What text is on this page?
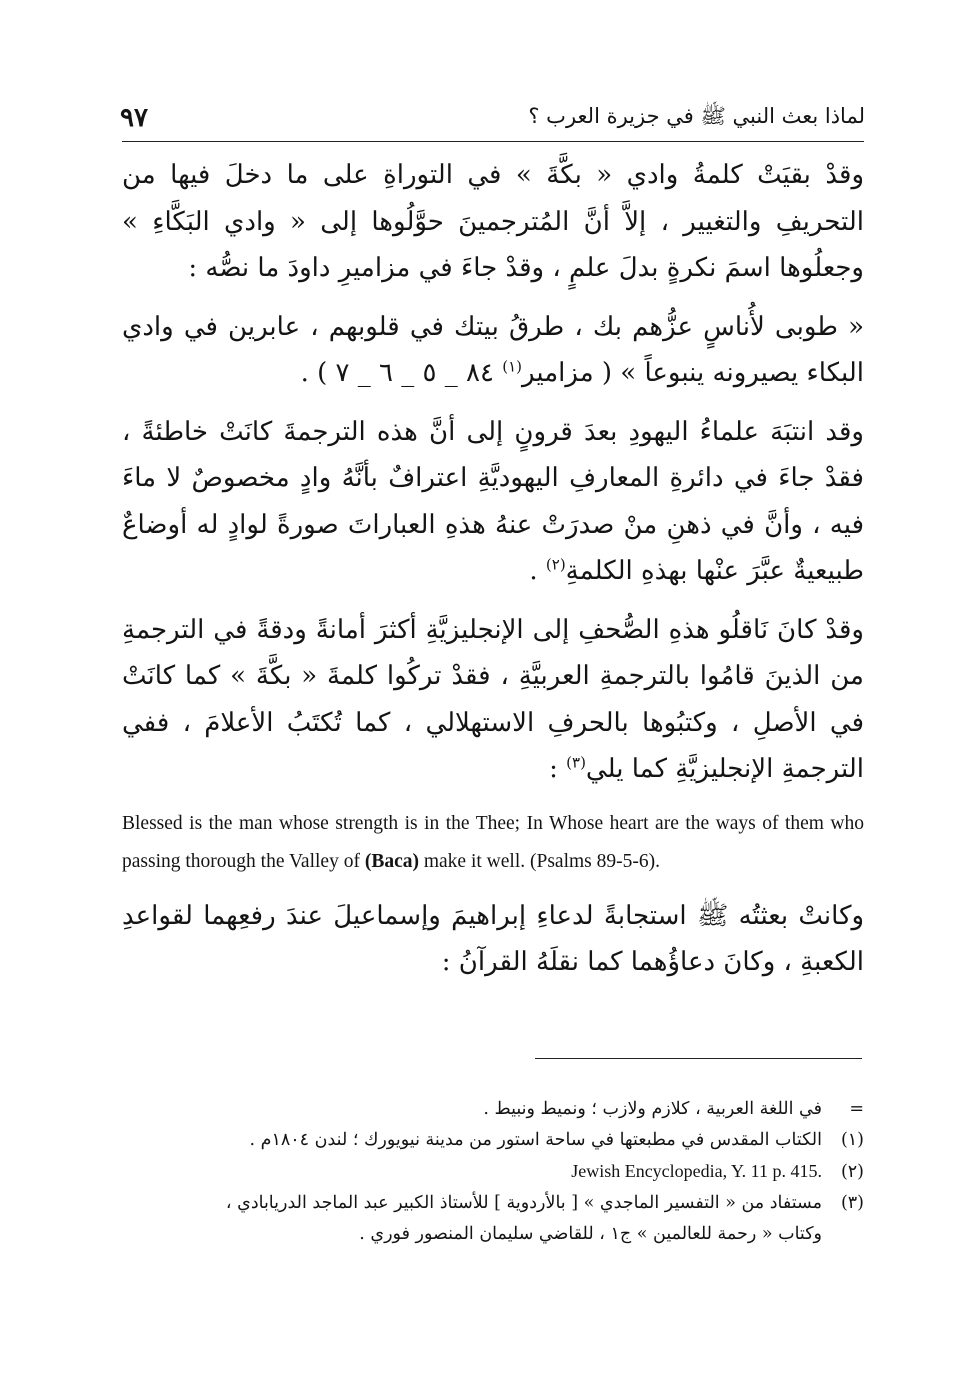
لماذا بعث النبي ﷺ في جزيرة العرب ؟
٩٧

وقدْ بقيَتْ كلمةُ وادي « بكَّةَ » في التوراةِ على ما دخلَ فيها من التحريفِ والتغيير ، إلاَّ أنَّ المُترجمينَ حوَّلُوها إلى « وادي البَكَّاءِ » وجعلُوها اسمَ نكرةٍ بدلَ علمٍ ، وقدْ جاءَ في مزاميرِ داودَ ما نصُّه :

« طوبى لأُناسٍ عزُّهم بك ، طرقُ بيتك في قلوبهم ، عابرين في وادي البكاء يصيرونه ينبوعاً » ( مزامير$^{(١)}$ ٨٤ _ ٥ _ ٦ _ ٧ ) .

وقد انتبَهَ علماءُ اليهودِ بعدَ قرونٍ إلى أنَّ هذه الترجمةَ كانَتْ خاطئةً ، فقدْ جاءَ في دائرةِ المعارفِ اليهوديَّةِ اعترافٌ بأنَّهُ وادٍ مخصوصٌ لا ماءَ فيه ، وأنَّ في ذهنِ منْ صدرَتْ عنهُ هذهِ العباراتَ صورةً لوادٍ له أوضاعٌ طبيعيةٌ عبَّرَ عنْها بهذهِ الكلمةِ$^{(٢)}$ .

وقدْ كانَ نَاقلُو هذهِ الصُّحفِ إلى الإنجليزيَّةِ أكثرَ أمانةً ودقةً في الترجمةِ من الذينَ قامُوا بالترجمةِ العربيَّةِ ، فقدْ تركُوا كلمةَ « بكَّةَ » كما كانَتْ في الأصلِ ، وكتبُوها بالحرفِ الاستهلالي ، كما تُكتَبُ الأعلامَ ، ففي الترجمةِ الإنجليزيَّةِ كما يلي$^{(٣)}$ :

Blessed is the man whose strength is in the Thee; In Whose heart are the ways of them who passing thorough the Valley of (Baca) make it well. (Psalms 89-5-6).

وكانتْ بعثتُه ﷺ استجابةً لدعاءِ إبراهيمَ وإسماعيلَ عندَ رفعِهما لقواعدِ الكعبةِ ، وكانَ دعاؤُهما كما نقلَهُ القرآنُ :

=
في اللغة العربية ، كلازم ولازب ؛ ونميط ونبيط .
(١)
الكتاب المقدس في مطبعتها في ساحة استور من مدينة نيويورك ؛ لندن ١٨٠٤م .
(٢)
Jewish Encyclopedia, Y. 11 p. 415.
(٣)
مستفاد من « التفسير الماجدي » [ بالأردوية ] للأستاذ الكبير عبد الماجد الدريابادي ،
وكتاب « رحمة للعالمين » ج١ ، للقاضي سليمان المنصور فوري .
